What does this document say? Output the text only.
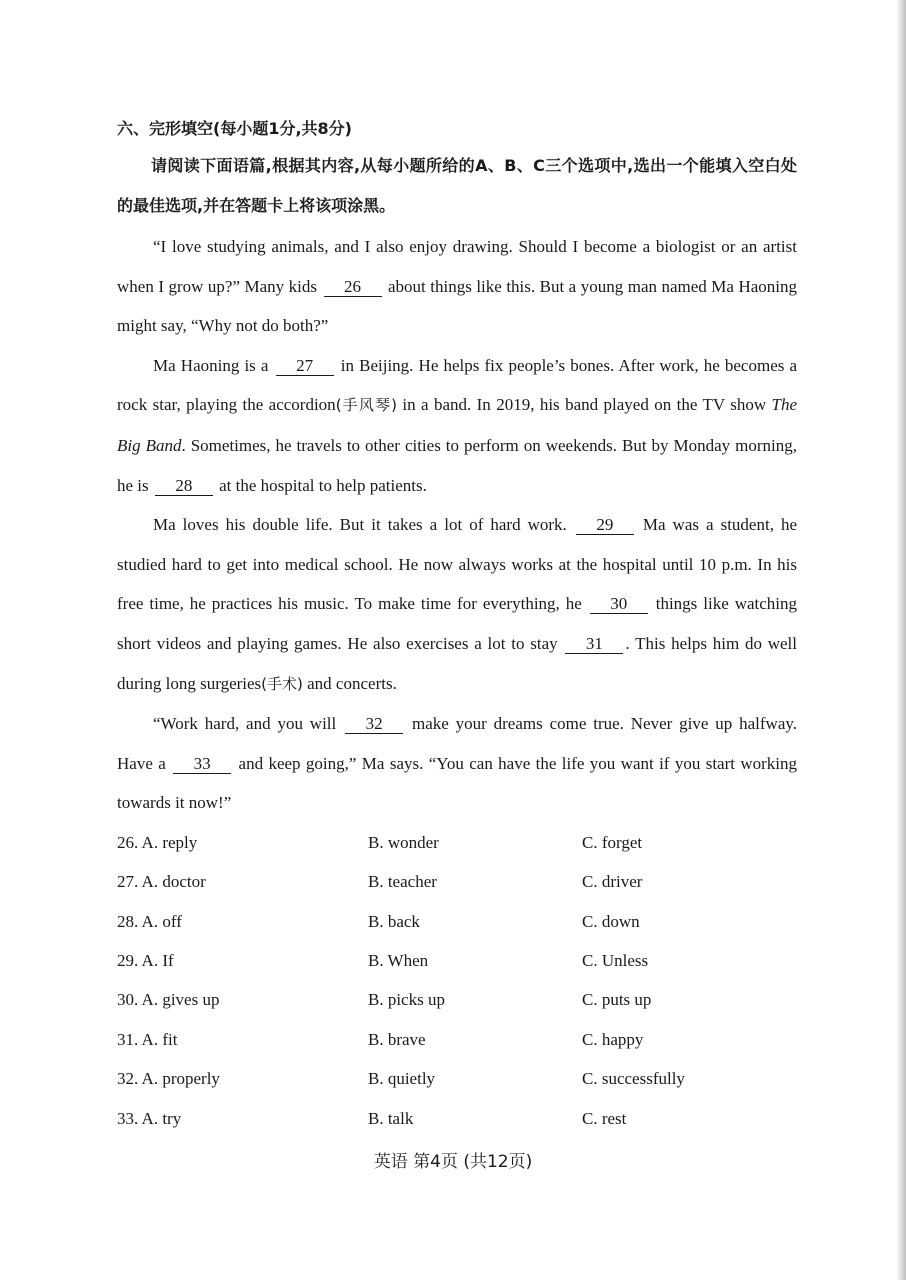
六、完形填空(每小题1分,共8分)

请阅读下面语篇,根据其内容,从每小题所给的A、B、C三个选项中,选出一个能填入空白处的最佳选项,并在答题卡上将该项涂黑。

“I love studying animals, and I also enjoy drawing. Should I become a biologist or an artist when I grow up?” Many kids 26 about things like this. But a young man named Ma Haoning might say, “Why not do both?”

Ma Haoning is a 27 in Beijing. He helps fix people’s bones. After work, he becomes a rock star, playing the accordion(手风琴) in a band. In 2019, his band played on the TV show The Big Band. Sometimes, he travels to other cities to perform on weekends. But by Monday morning, he is 28 at the hospital to help patients.

Ma loves his double life. But it takes a lot of hard work. 29 Ma was a student, he studied hard to get into medical school. He now always works at the hospital until 10 p.m. In his free time, he practices his music. To make time for everything, he 30 things like watching short videos and playing games. He also exercises a lot to stay 31 . This helps him do well during long surgeries(手术) and concerts.

“Work hard, and you will 32 make your dreams come true. Never give up halfway. Have a 33 and keep going,” Ma says. “You can have the life you want if you start working towards it now!”

26. A. reply	B. wonder	C. forget
27. A. doctor	B. teacher	C. driver
28. A. off	B. back	C. down
29. A. If	B. When	C. Unless
30. A. gives up	B. picks up	C. puts up
31. A. fit	B. brave	C. happy
32. A. properly	B. quietly	C. successfully
33. A. try	B. talk	C. rest
英语 第4页 (共12页)
